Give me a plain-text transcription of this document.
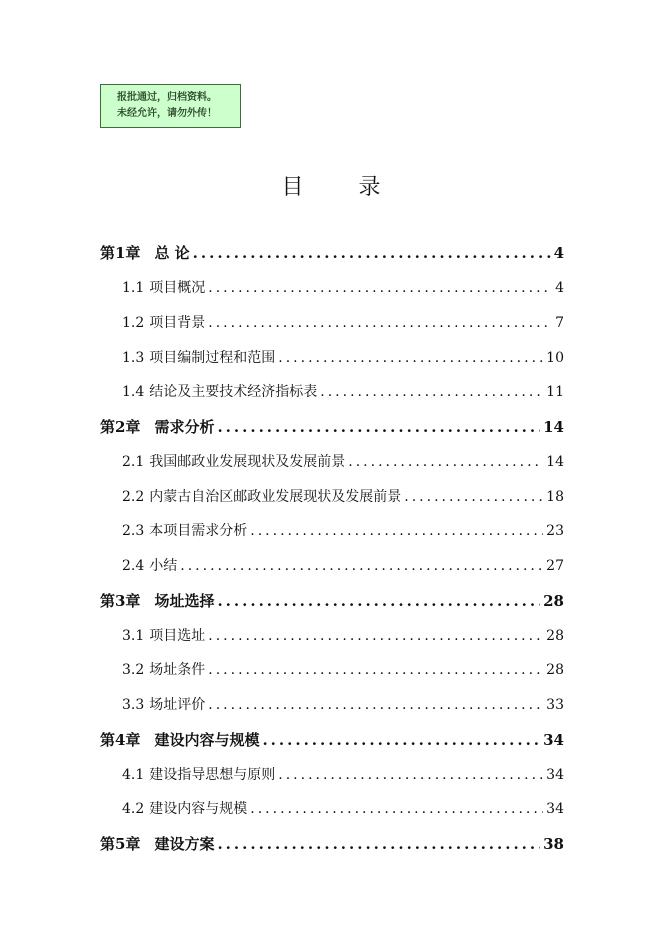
报批通过，归档资料。
未经允许，请勿外传！
目 录
第1章 总 论 .....	4
1.1 项目概况 .....	4
1.2 项目背景 .....	7
1.3 项目编制过程和范围 .....	10
1.4 结论及主要技术经济指标表 .....	11
第2章 需求分析 .....	14
2.1 我国邮政业发展现状及发展前景 .....	14
2.2 内蒙古自治区邮政业发展现状及发展前景 .....	18
2.3 本项目需求分析 .....	23
2.4 小结 .....	27
第3章 场址选择 .....	28
3.1 项目选址 .....	28
3.2 场址条件 .....	28
3.3 场址评价 .....	33
第4章 建设内容与规模 .....	34
4.1 建设指导思想与原则 .....	34
4.2 建设内容与规模 .....	34
第5章 建设方案 .....	38
